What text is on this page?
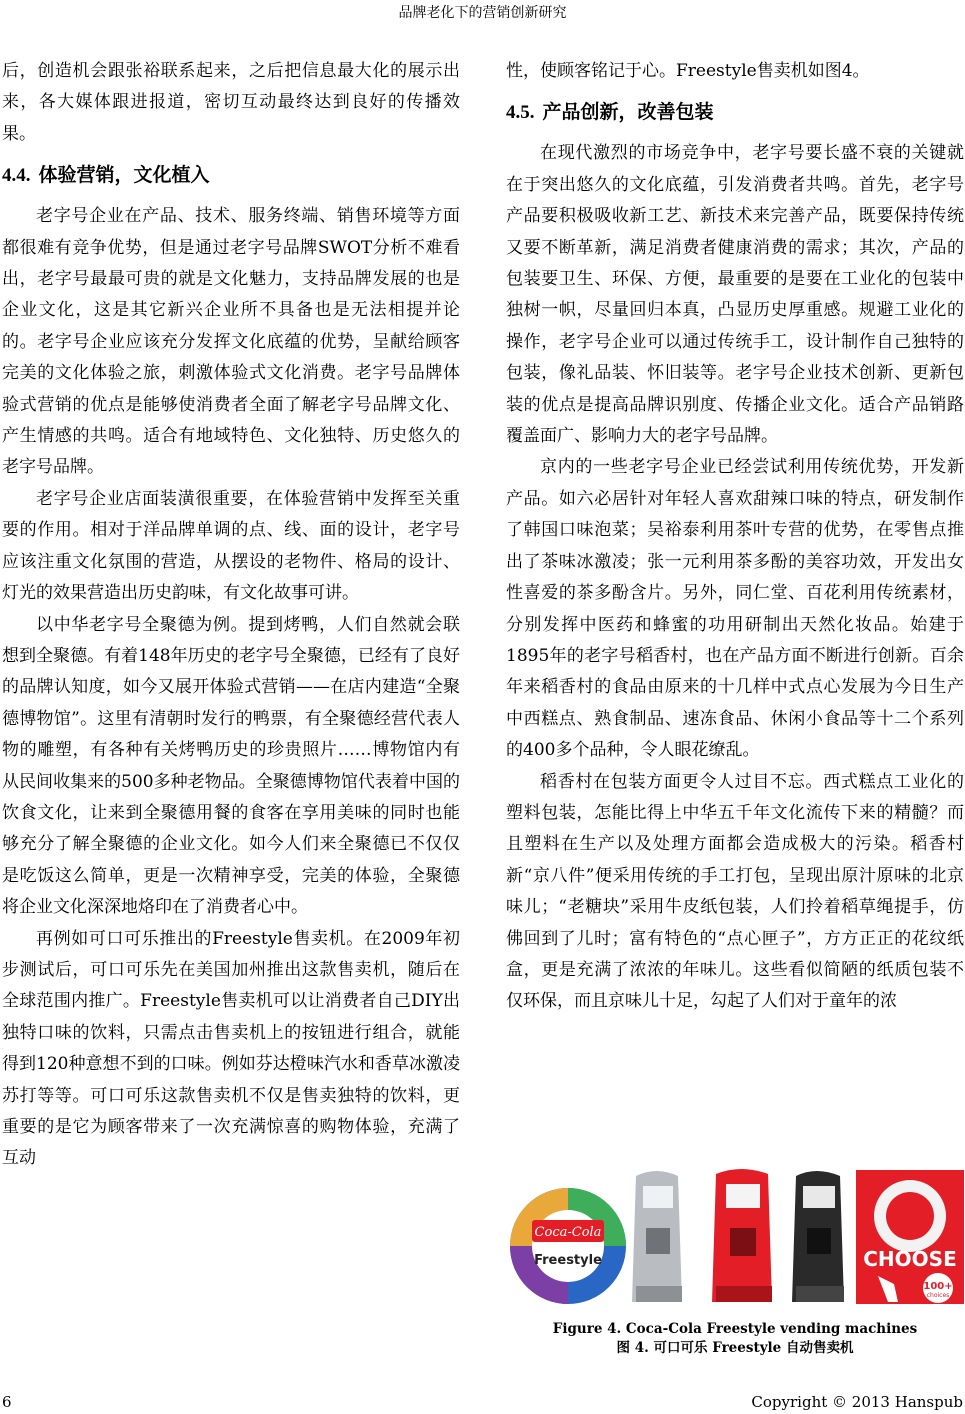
品牌老化下的营销创新研究

后，创造机会跟张裕联系起来，之后把信息最大化的展示出来，各大媒体跟进报道，密切互动最终达到良好的传播效果。

4.4. 体验营销，文化植入

老字号企业在产品、技术、服务终端、销售环境等方面都很难有竞争优势，但是通过老字号品牌SWOT分析不难看出，老字号最最可贵的就是文化魅力，支持品牌发展的也是企业文化，这是其它新兴企业所不具备也是无法相提并论的。老字号企业应该充分发挥文化底蕴的优势，呈献给顾客完美的文化体验之旅，刺激体验式文化消费。老字号品牌体验式营销的优点是能够使消费者全面了解老字号品牌文化、产生情感的共鸣。适合有地域特色、文化独特、历史悠久的老字号品牌。

老字号企业店面装潢很重要，在体验营销中发挥至关重要的作用。相对于洋品牌单调的点、线、面的设计，老字号应该注重文化氛围的营造，从摆设的老物件、格局的设计、灯光的效果营造出历史韵味，有文化故事可讲。

以中华老字号全聚德为例。提到烤鸭，人们自然就会联想到全聚德。有着148年历史的老字号全聚德，已经有了良好的品牌认知度，如今又展开体验式营销——在店内建造“全聚德博物馆”。这里有清朝时发行的鸭票，有全聚德经营代表人物的雕塑，有各种有关烤鸭历史的珍贵照片……博物馆内有从民间收集来的500多种老物品。全聚德博物馆代表着中国的饮食文化，让来到全聚德用餐的食客在享用美味的同时也能够充分了解全聚德的企业文化。如今人们来全聚德已不仅仅是吃饭这么简单，更是一次精神享受，完美的体验，全聚德将企业文化深深地烙印在了消费者心中。

再例如可口可乐推出的Freestyle售卖机。在2009年初步测试后，可口可乐先在美国加州推出这款售卖机，随后在全球范围内推广。Freestyle售卖机可以让消费者自己DIY出独特口味的饮料，只需点击售卖机上的按钮进行组合，就能得到120种意想不到的口味。例如芬达橙味汽水和香草冰激凌苏打等等。可口可乐这款售卖机不仅是售卖独特的饮料，更重要的是它为顾客带来了一次充满惊喜的购物体验，充满了互动

性，使顾客铭记于心。Freestyle售卖机如图4。

4.5. 产品创新，改善包装

在现代激烈的市场竞争中，老字号要长盛不衰的关键就在于突出悠久的文化底蕴，引发消费者共鸣。首先，老字号产品要积极吸收新工艺、新技术来完善产品，既要保持传统又要不断革新，满足消费者健康消费的需求；其次，产品的包装要卫生、环保、方便，最重要的是要在工业化的包装中独树一帜，尽量回归本真，凸显历史厚重感。规避工业化的操作，老字号企业可以通过传统手工，设计制作自己独特的包装，像礼品装、怀旧装等。老字号企业技术创新、更新包装的优点是提高品牌识别度、传播企业文化。适合产品销路覆盖面广、影响力大的老字号品牌。

京内的一些老字号企业已经尝试利用传统优势，开发新产品。如六必居针对年轻人喜欢甜辣口味的特点，研发制作了韩国口味泡菜；吴裕泰利用茶叶专营的优势，在零售点推出了茶味冰激凌；张一元利用茶多酚的美容功效，开发出女性喜爱的茶多酚含片。另外，同仁堂、百花利用传统素材，分别发挥中医药和蜂蜜的功用研制出天然化妆品。始建于1895年的老字号稻香村，也在产品方面不断进行创新。百余年来稻香村的食品由原来的十几样中式点心发展为今日生产中西糕点、熟食制品、速冻食品、休闲小食品等十二个系列的400多个品种，令人眼花缭乱。

稻香村在包装方面更令人过目不忘。西式糕点工业化的塑料包装，怎能比得上中华五千年文化流传下来的精髓？而且塑料在生产以及处理方面都会造成极大的污染。稻香村新“京八件”便采用传统的手工打包，呈现出原汁原味的北京味儿；“老糖块”采用牛皮纸包装，人们拎着稻草绳提手，仿佛回到了儿时；富有特色的“点心匣子”，方方正正的花纹纸盒，更是充满了浓浓的年味儿。这些看似简陋的纸质包装不仅环保，而且京味儿十足，勾起了人们对于童年的浓

Coca-Cola
Freestyle	CHOOSE
100+
choices
Figure 4. Coca-Cola Freestyle vending machines
图 4. 可口可乐 Freestyle 自动售卖机
6	Copyright © 2013 Hanspub
